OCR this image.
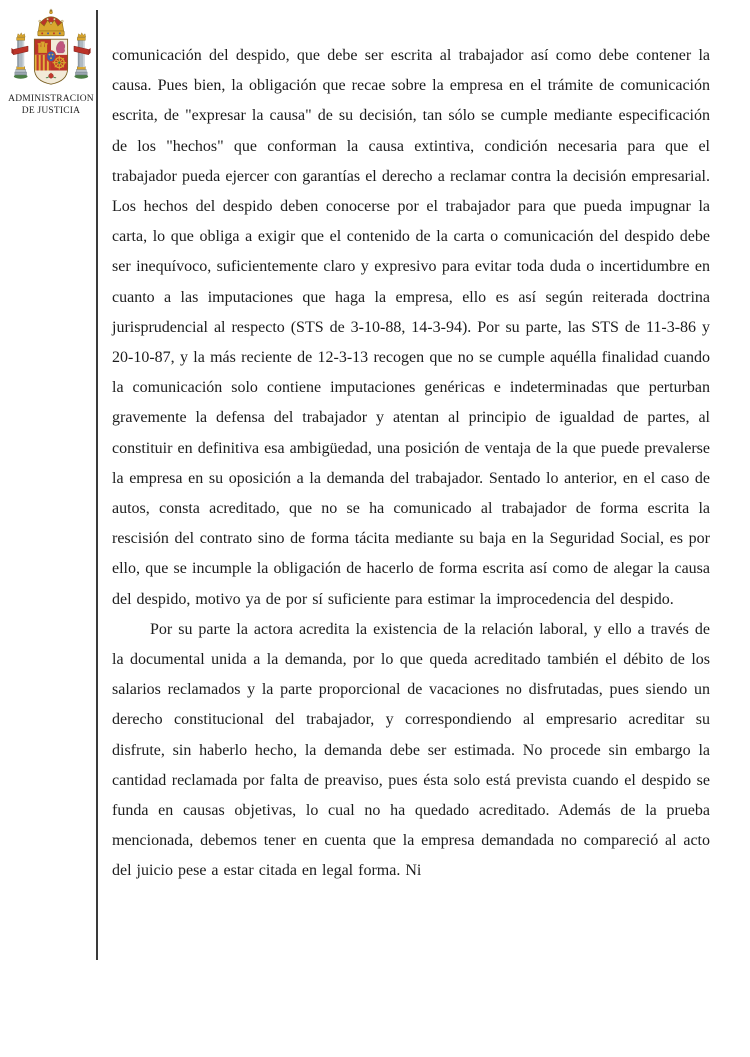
ADMINISTRACION
DE JUSTICIA

comunicación del despido, que debe ser escrita al trabajador así como debe contener la causa. Pues bien, la obligación que recae sobre la empresa en el trámite de comunicación escrita, de "expresar la causa" de su decisión, tan sólo se cumple mediante especificación de los "hechos" que conforman la causa extintiva, condición necesaria para que el trabajador pueda ejercer con garantías el derecho a reclamar contra la decisión empresarial. Los hechos del despido deben conocerse por el trabajador para que pueda impugnar la carta, lo que obliga a exigir que el contenido de la carta o comunicación del despido debe ser inequívoco, suficientemente claro y expresivo para evitar toda duda o incertidumbre en cuanto a las imputaciones que haga la empresa, ello es así según reiterada doctrina jurisprudencial al respecto (STS de 3-10-88, 14-3-94). Por su parte, las STS de 11-3-86 y 20-10-87, y la más reciente de 12-3-13 recogen que no se cumple aquélla finalidad cuando la comunicación solo contiene imputaciones genéricas e indeterminadas que perturban gravemente la defensa del trabajador y atentan al principio de igualdad de partes, al constituir en definitiva esa ambigüedad, una posición de ventaja de la que puede prevalerse la empresa en su oposición a la demanda del trabajador. Sentado lo anterior, en el caso de autos, consta acreditado, que no se ha comunicado al trabajador de forma escrita la rescisión del contrato sino de forma tácita mediante su baja en la Seguridad Social, es por ello, que se incumple la obligación de hacerlo de forma escrita así como de alegar la causa del despido, motivo ya de por sí suficiente para estimar la improcedencia del despido.

Por su parte la actora acredita la existencia de la relación laboral, y ello a través de la documental unida a la demanda, por lo que queda acreditado también el débito de los salarios reclamados y la parte proporcional de vacaciones no disfrutadas, pues siendo un derecho constitucional del trabajador, y correspondiendo al empresario acreditar su disfrute, sin haberlo hecho, la demanda debe ser estimada. No procede sin embargo la cantidad reclamada por falta de preaviso, pues ésta solo está prevista cuando el despido se funda en causas objetivas, lo cual no ha quedado acreditado. Además de la prueba mencionada, debemos tener en cuenta que la empresa demandada no compareció al acto del juicio pese a estar citada en legal forma. Ni
